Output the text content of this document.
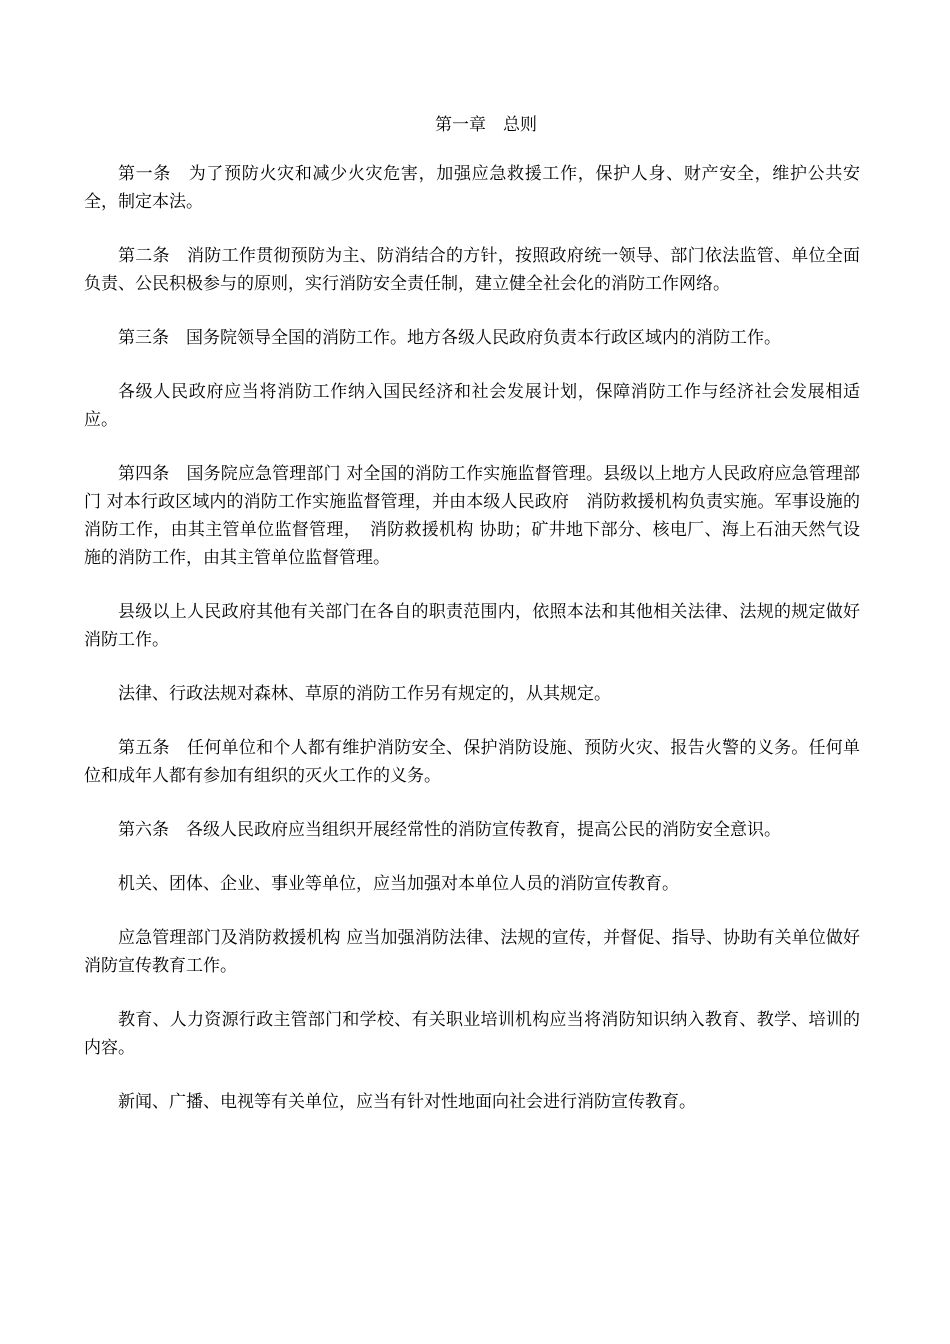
第一章　总则

第一条　为了预防火灾和减少火灾危害，加强应急救援工作，保护人身、财产安全，维护公共安全，制定本法。

第二条　消防工作贯彻预防为主、防消结合的方针，按照政府统一领导、部门依法监管、单位全面负责、公民积极参与的原则，实行消防安全责任制，建立健全社会化的消防工作网络。

第三条　国务院领导全国的消防工作。地方各级人民政府负责本行政区域内的消防工作。

各级人民政府应当将消防工作纳入国民经济和社会发展计划，保障消防工作与经济社会发展相适应。

第四条　国务院应急管理部门 对全国的消防工作实施监督管理。县级以上地方人民政府应急管理部门 对本行政区域内的消防工作实施监督管理，并由本级人民政府　消防救援机构负责实施。军事设施的消防工作，由其主管单位监督管理，　消防救援机构 协助；矿井地下部分、核电厂、海上石油天然气设施的消防工作，由其主管单位监督管理。

县级以上人民政府其他有关部门在各自的职责范围内，依照本法和其他相关法律、法规的规定做好消防工作。

法律、行政法规对森林、草原的消防工作另有规定的，从其规定。

第五条　任何单位和个人都有维护消防安全、保护消防设施、预防火灾、报告火警的义务。任何单位和成年人都有参加有组织的灭火工作的义务。

第六条　各级人民政府应当组织开展经常性的消防宣传教育，提高公民的消防安全意识。

机关、团体、企业、事业等单位，应当加强对本单位人员的消防宣传教育。

应急管理部门及消防救援机构 应当加强消防法律、法规的宣传，并督促、指导、协助有关单位做好消防宣传教育工作。

教育、人力资源行政主管部门和学校、有关职业培训机构应当将消防知识纳入教育、教学、培训的内容。

新闻、广播、电视等有关单位，应当有针对性地面向社会进行消防宣传教育。
